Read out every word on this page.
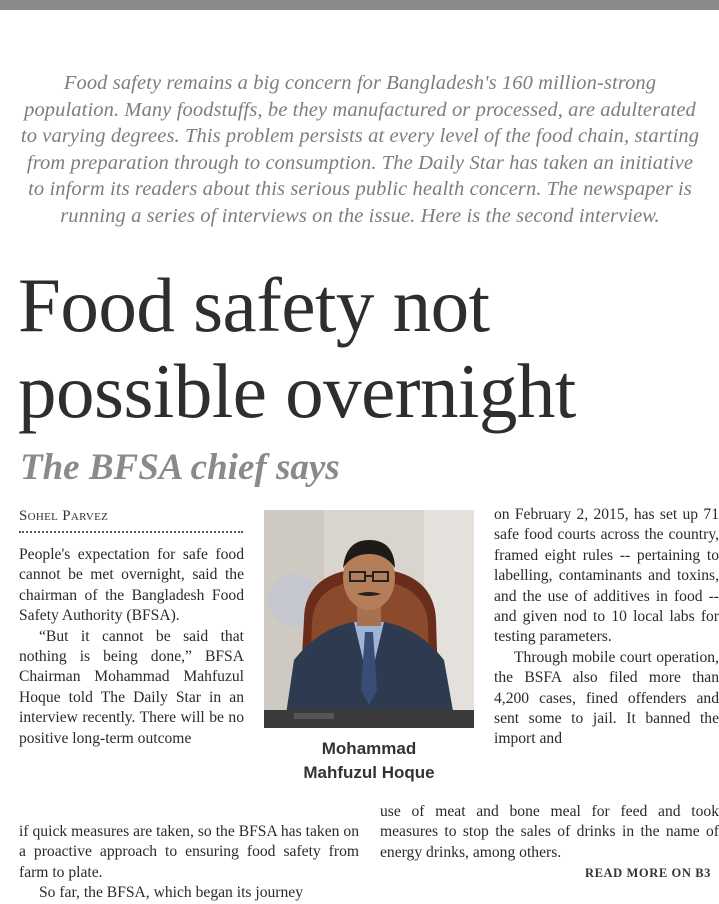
Food safety remains a big concern for Bangladesh's 160 million-strong population. Many foodstuffs, be they manufactured or processed, are adulterated to varying degrees. This problem persists at every level of the food chain, starting from preparation through to consumption. The Daily Star has taken an initiative to inform its readers about this serious public health concern. The newspaper is running a series of interviews on the issue. Here is the second interview.
Food safety not possible overnight
The BFSA chief says
Sohel Parvez

People's expectation for safe food cannot be met overnight, said the chairman of the Bangladesh Food Safety Authority (BFSA).

“But it cannot be said that nothing is being done,” BFSA Chairman Mohammad Mahfuzul Hoque told The Daily Star in an interview recently. There will be no positive long-term outcome

Mohammad
Mahfuzul Hoque

on February 2, 2015, has set up 71 safe food courts across the country, framed eight rules -- pertaining to labelling, contaminants and toxins, and the use of additives in food -- and given nod to 10 local labs for testing parameters.

Through mobile court operation, the BSFA also filed more than 4,200 cases, fined offenders and sent some to jail. It banned the import and

if quick measures are taken, so the BFSA has taken on a proactive approach to ensuring food safety from farm to plate.

So far, the BFSA, which began its journey

use of meat and bone meal for feed and took measures to stop the sales of drinks in the name of energy drinks, among others.

READ MORE ON B3
